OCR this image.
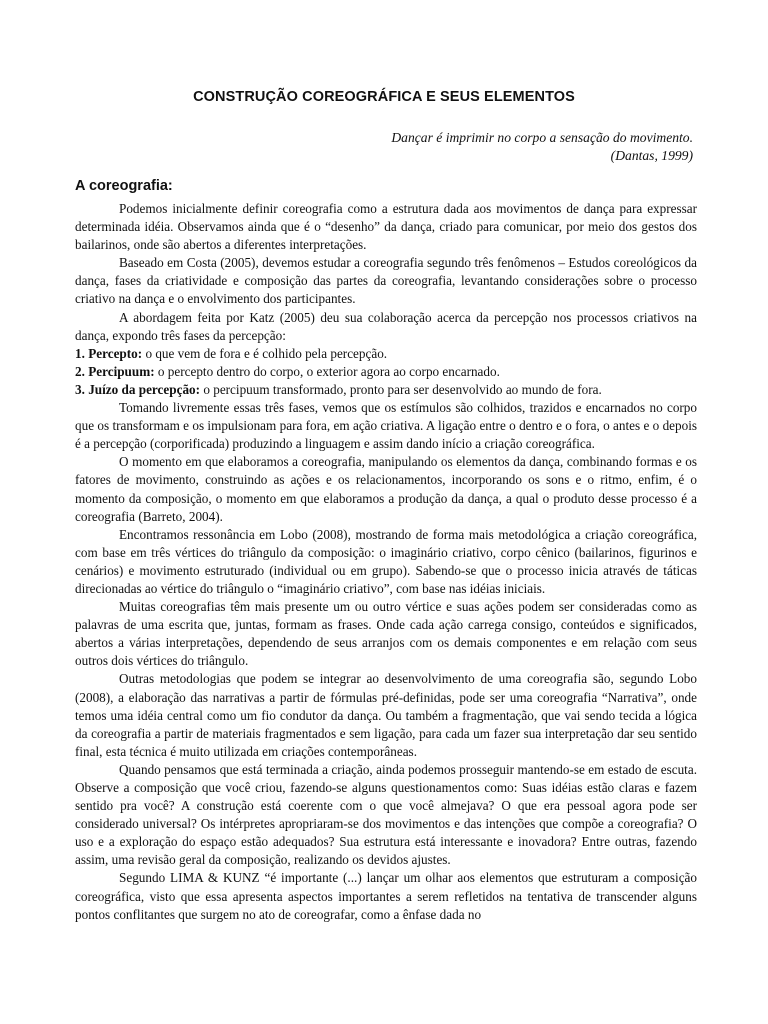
CONSTRUÇÃO COREOGRÁFICA E SEUS ELEMENTOS
Dançar é imprimir no corpo a sensação do movimento.
(Dantas, 1999)
A coreografia:

Podemos inicialmente definir coreografia como a estrutura dada aos movimentos de dança para expressar determinada idéia. Observamos ainda que é o “desenho” da dança, criado para comunicar, por meio dos gestos dos bailarinos, onde são abertos a diferentes interpretações.

Baseado em Costa (2005), devemos estudar a coreografia segundo três fenômenos – Estudos coreológicos da dança, fases da criatividade e composição das partes da coreografia, levantando considerações sobre o processo criativo na dança e o envolvimento dos participantes.

A abordagem feita por Katz (2005) deu sua colaboração acerca da percepção nos processos criativos na dança, expondo três fases da percepção:

1. Percepto: o que vem de fora e é colhido pela percepção.

2. Percipuum: o percepto dentro do corpo, o exterior agora ao corpo encarnado.

3. Juízo da percepção: o percipuum transformado, pronto para ser desenvolvido ao mundo de fora.

Tomando livremente essas três fases, vemos que os estímulos são colhidos, trazidos e encarnados no corpo que os transformam e os impulsionam para fora, em ação criativa. A ligação entre o dentro e o fora, o antes e o depois é a percepção (corporificada) produzindo a linguagem e assim dando início a criação coreográfica.

O momento em que elaboramos a coreografia, manipulando os elementos da dança, combinando formas e os fatores de movimento, construindo as ações e os relacionamentos, incorporando os sons e o ritmo, enfim, é o momento da composição, o momento em que elaboramos a produção da dança, a qual o produto desse processo é a coreografia (Barreto, 2004).

Encontramos ressonância em Lobo (2008), mostrando de forma mais metodológica a criação coreográfica, com base em três vértices do triângulo da composição: o imaginário criativo, corpo cênico (bailarinos, figurinos e cenários) e movimento estruturado (individual ou em grupo). Sabendo-se que o processo inicia através de táticas direcionadas ao vértice do triângulo o “imaginário criativo”, com base nas idéias iniciais.

Muitas coreografias têm mais presente um ou outro vértice e suas ações podem ser consideradas como as palavras de uma escrita que, juntas, formam as frases. Onde cada ação carrega consigo, conteúdos e significados, abertos a várias interpretações, dependendo de seus arranjos com os demais componentes e em relação com seus outros dois vértices do triângulo.

Outras metodologias que podem se integrar ao desenvolvimento de uma coreografia são, segundo Lobo (2008), a elaboração das narrativas a partir de fórmulas pré-definidas, pode ser uma coreografia “Narrativa”, onde temos uma idéia central como um fio condutor da dança. Ou também a fragmentação, que vai sendo tecida a lógica da coreografia a partir de materiais fragmentados e sem ligação, para cada um fazer sua interpretação dar seu sentido final, esta técnica é muito utilizada em criações contemporâneas.

Quando pensamos que está terminada a criação, ainda podemos prosseguir mantendo-se em estado de escuta. Observe a composição que você criou, fazendo-se alguns questionamentos como: Suas idéias estão claras e fazem sentido pra você? A construção está coerente com o que você almejava? O que era pessoal agora pode ser considerado universal? Os intérpretes apropriaram-se dos movimentos e das intenções que compõe a coreografia? O uso e a exploração do espaço estão adequados? Sua estrutura está interessante e inovadora? Entre outras, fazendo assim, uma revisão geral da composição, realizando os devidos ajustes.

Segundo LIMA & KUNZ “é importante (...) lançar um olhar aos elementos que estruturam a composição coreográfica, visto que essa apresenta aspectos importantes a serem refletidos na tentativa de transcender alguns pontos conflitantes que surgem no ato de coreografar, como a ênfase dada no
